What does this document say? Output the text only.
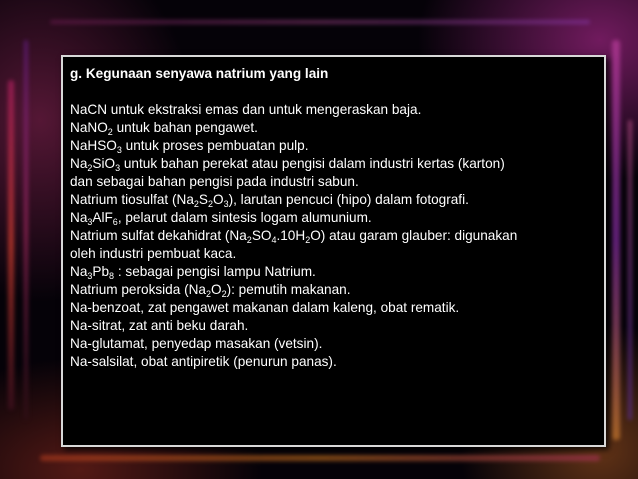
g. Kegunaan senyawa natrium yang lain
NaCN untuk ekstraksi emas dan untuk mengeraskan baja.
NaNO$_2$ untuk bahan pengawet.
NaHSO$_3$ untuk proses pembuatan pulp.
$Na_2SiO_3$ untuk bahan perekat atau pengisi dalam industri kertas (karton)
dan sebagai bahan pengisi pada industri sabun.
Natrium tiosulfat $(Na_2S_2O_3)$, larutan pencuci (hipo) dalam fotografi.
$Na_3AlF_6$, pelarut dalam sintesis logam alumunium.
Natrium sulfat dekahidrat $(Na_2SO_4.10H_2O)$ atau garam glauber: digunakan
oleh industri pembuat kaca.
$Na_3Pb_8$ : sebagai pengisi lampu Natrium.
Natrium peroksida $(Na_2O_2)$: pemutih makanan.
Na-benzoat, zat pengawet makanan dalam kaleng, obat rematik.
Na-sitrat, zat anti beku darah.
Na-glutamat, penyedap masakan (vetsin).
Na-salsilat, obat antipiretik (penurun panas).
